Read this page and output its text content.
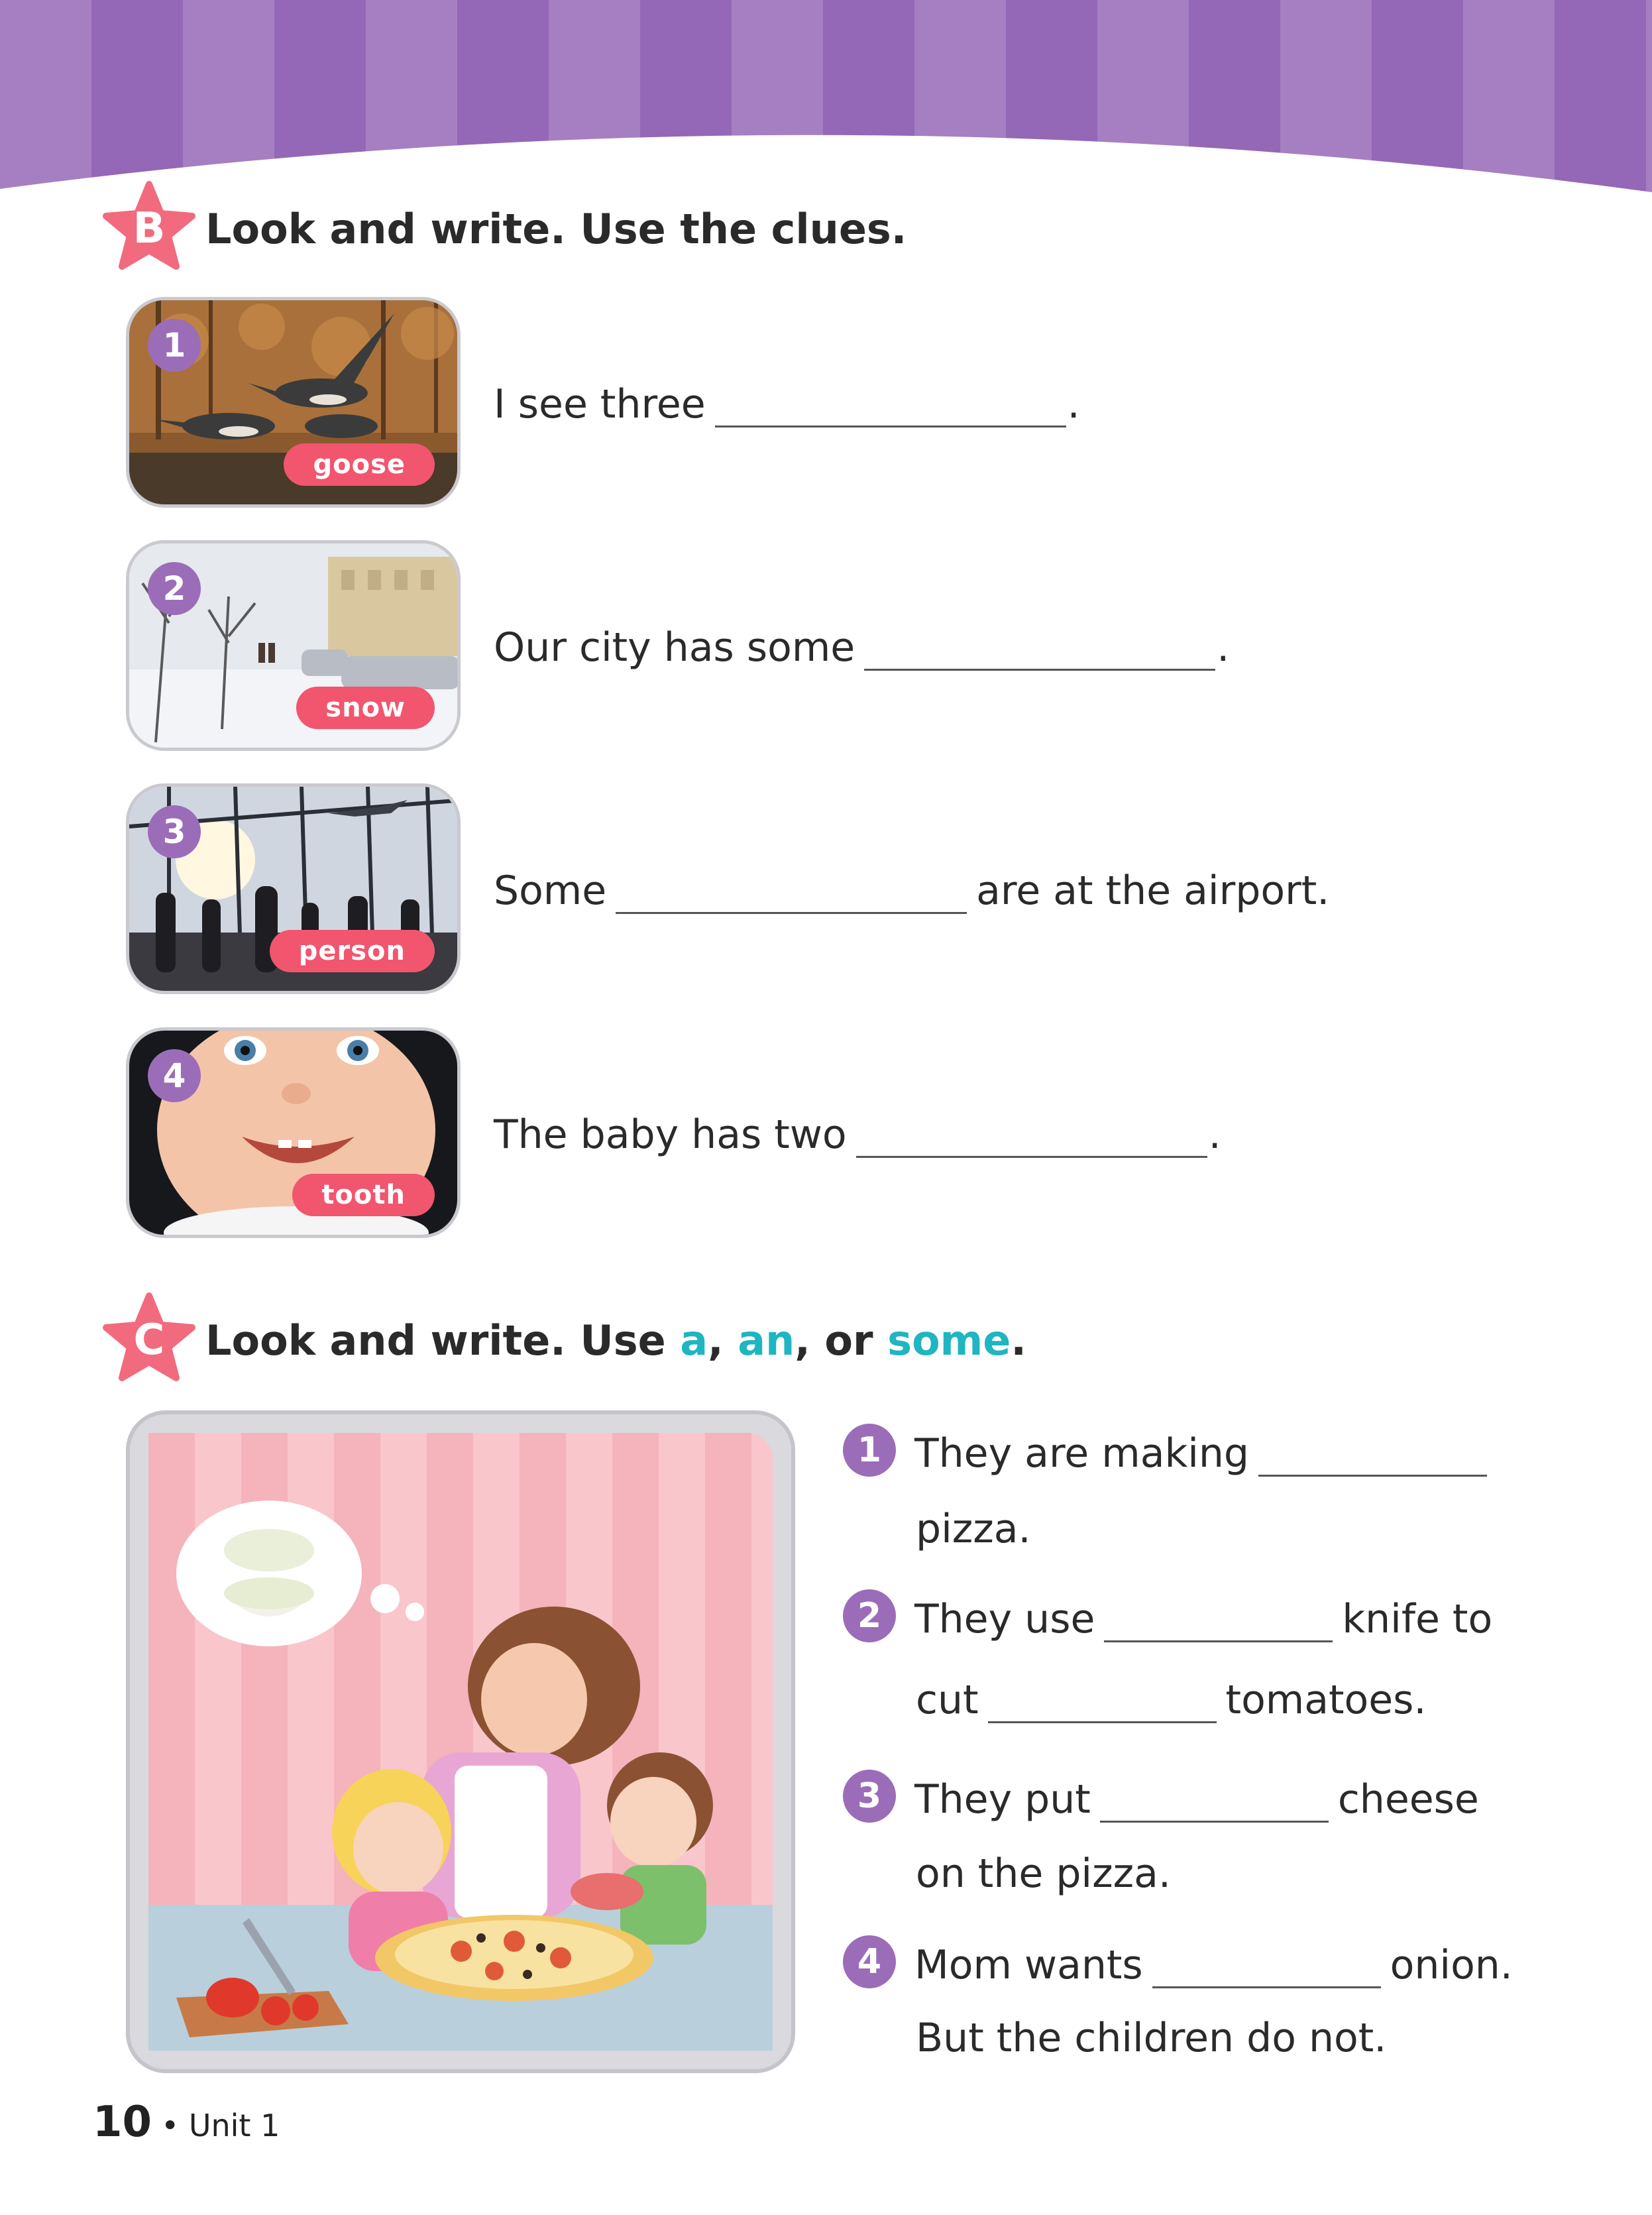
B Look and write. Use the clues.
1
goose
I see three	.
2
snow
Our city has some	.
3
person
Some	are at the airport.
4
tooth
The baby has two	.
C Look and write. Use a, an, or some.
1 They are making
pizza.
2 They use	knife to
cut	tomatoes.
3 They put	cheese
on the pizza.
4 Mom wants	onion.
But the children do not.
10 • Unit 1
